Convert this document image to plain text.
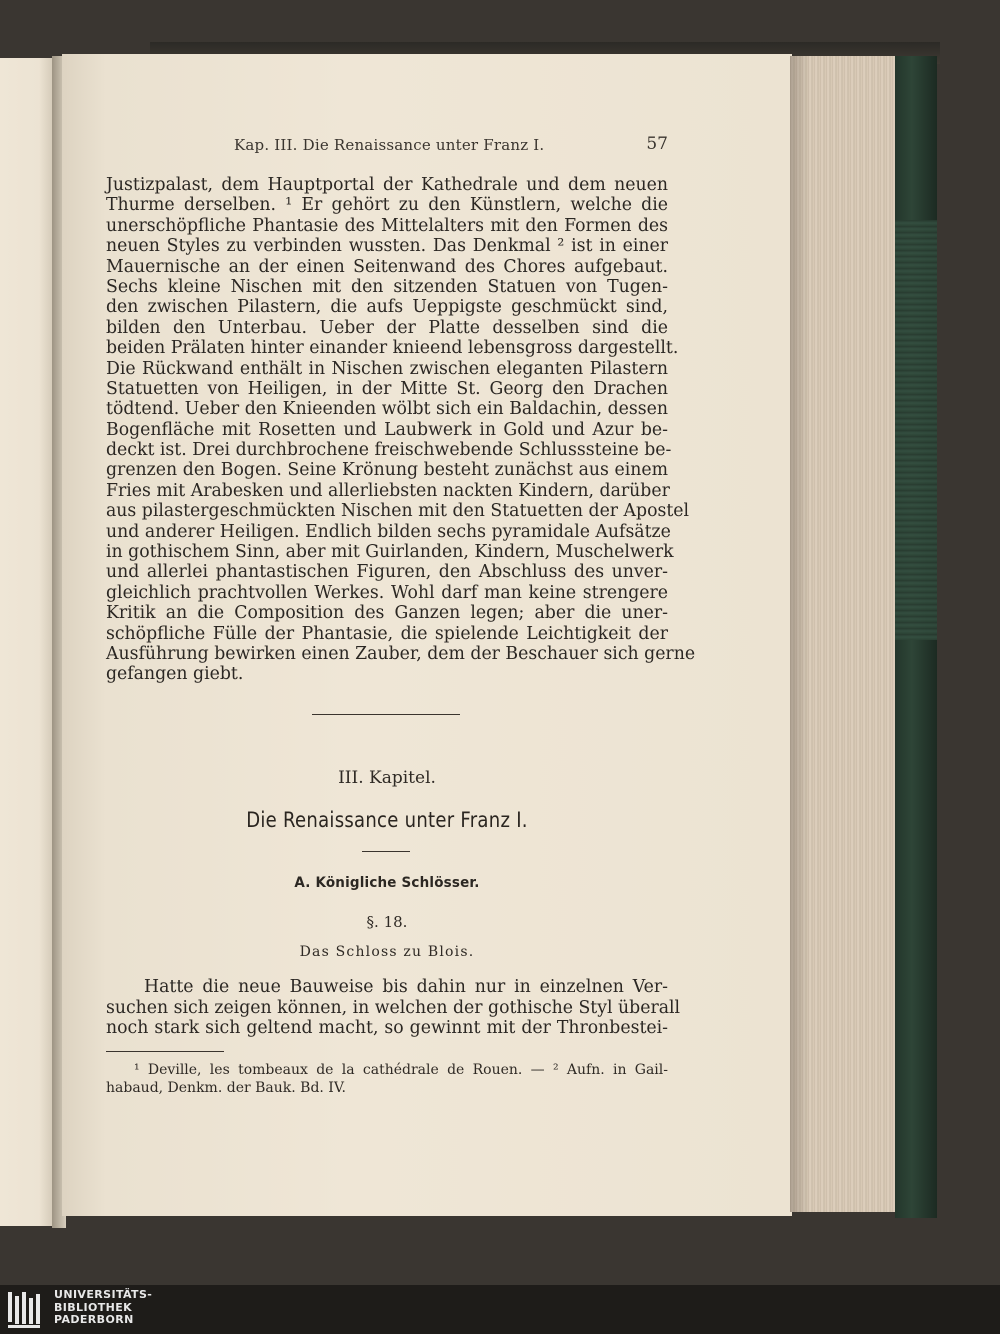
Kap. III. Die Renaissance unter Franz I.	57
Justizpalast, dem Hauptportal der Kathedrale und dem neuen
Thurme derselben. ¹ Er gehört zu den Künstlern, welche die
unerschöpfliche Phantasie des Mittelalters mit den Formen des
neuen Styles zu verbinden wussten. Das Denkmal ² ist in einer
Mauernische an der einen Seitenwand des Chores aufgebaut.
Sechs kleine Nischen mit den sitzenden Statuen von Tugen-
den zwischen Pilastern, die aufs Ueppigste geschmückt sind,
bilden den Unterbau. Ueber der Platte desselben sind die
beiden Prälaten hinter einander knieend lebensgross dargestellt.
Die Rückwand enthält in Nischen zwischen eleganten Pilastern
Statuetten von Heiligen, in der Mitte St. Georg den Drachen
tödtend. Ueber den Knieenden wölbt sich ein Baldachin, dessen
Bogenfläche mit Rosetten und Laubwerk in Gold und Azur be-
deckt ist. Drei durchbrochene freischwebende Schlusssteine be-
grenzen den Bogen. Seine Krönung besteht zunächst aus einem
Fries mit Arabesken und allerliebsten nackten Kindern, darüber
aus pilastergeschmückten Nischen mit den Statuetten der Apostel
und anderer Heiligen. Endlich bilden sechs pyramidale Aufsätze
in gothischem Sinn, aber mit Guirlanden, Kindern, Muschelwerk
und allerlei phantastischen Figuren, den Abschluss des unver-
gleichlich prachtvollen Werkes. Wohl darf man keine strengere
Kritik an die Composition des Ganzen legen; aber die uner-
schöpfliche Fülle der Phantasie, die spielende Leichtigkeit der
Ausführung bewirken einen Zauber, dem der Beschauer sich gerne
gefangen giebt.
III. Kapitel.
Die Renaissance unter Franz I.
A. Königliche Schlösser.
§. 18.
Das Schloss zu Blois.
Hatte die neue Bauweise bis dahin nur in einzelnen Ver-
suchen sich zeigen können, in welchen der gothische Styl überall
noch stark sich geltend macht, so gewinnt mit der Thronbestei-
¹ Deville, les tombeaux de la cathédrale de Rouen. — ² Aufn. in Gail-
habaud, Denkm. der Bauk. Bd. IV.
UNIVERSITÄTS-
BIBLIOTHEK
PADERBORN
